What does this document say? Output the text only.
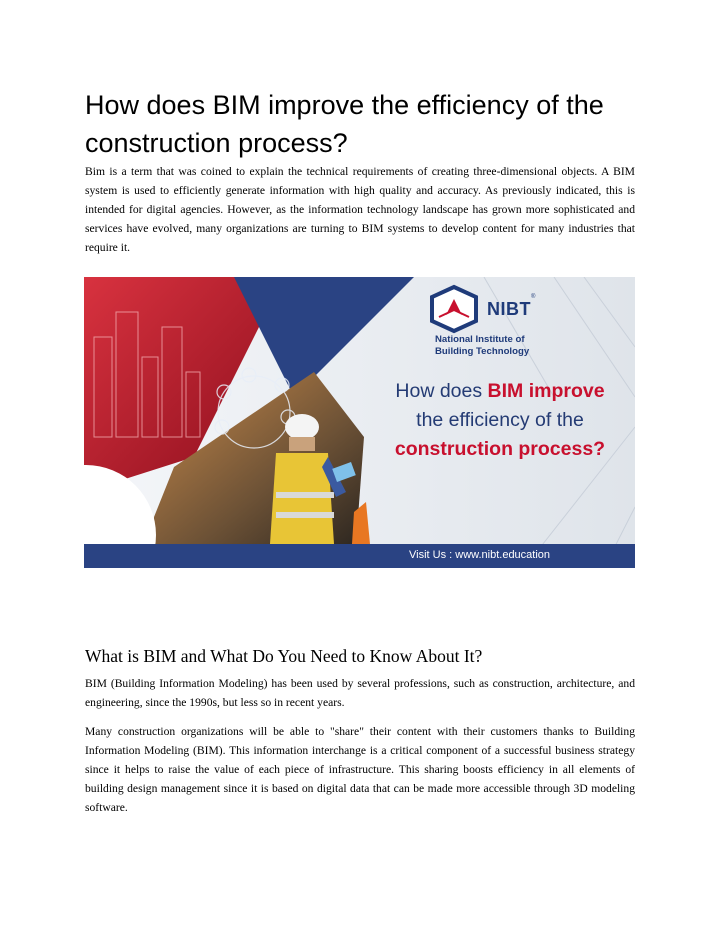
How does BIM improve the efficiency of the construction process?

Bim is a term that was coined to explain the technical requirements of creating three-dimensional objects. A BIM system is used to efficiently generate information with high quality and accuracy. As previously indicated, this is intended for digital agencies. However, as the information technology landscape has grown more sophisticated and services have evolved, many organizations are turning to BIM systems to develop content for many industries that require it.

NIBT
®
National Institute of
Building Technology
How does BIM improve
the efficiency of the
construction process?
Visit Us : www.nibt.education
What is BIM and What Do You Need to Know About It?

BIM (Building Information Modeling) has been used by several professions, such as construction, architecture, and engineering, since the 1990s, but less so in recent years.

Many construction organizations will be able to "share" their content with their customers thanks to Building Information Modeling (BIM). This information interchange is a critical component of a successful business strategy since it helps to raise the value of each piece of infrastructure. This sharing boosts efficiency in all elements of building design management since it is based on digital data that can be made more accessible through 3D modeling software.
